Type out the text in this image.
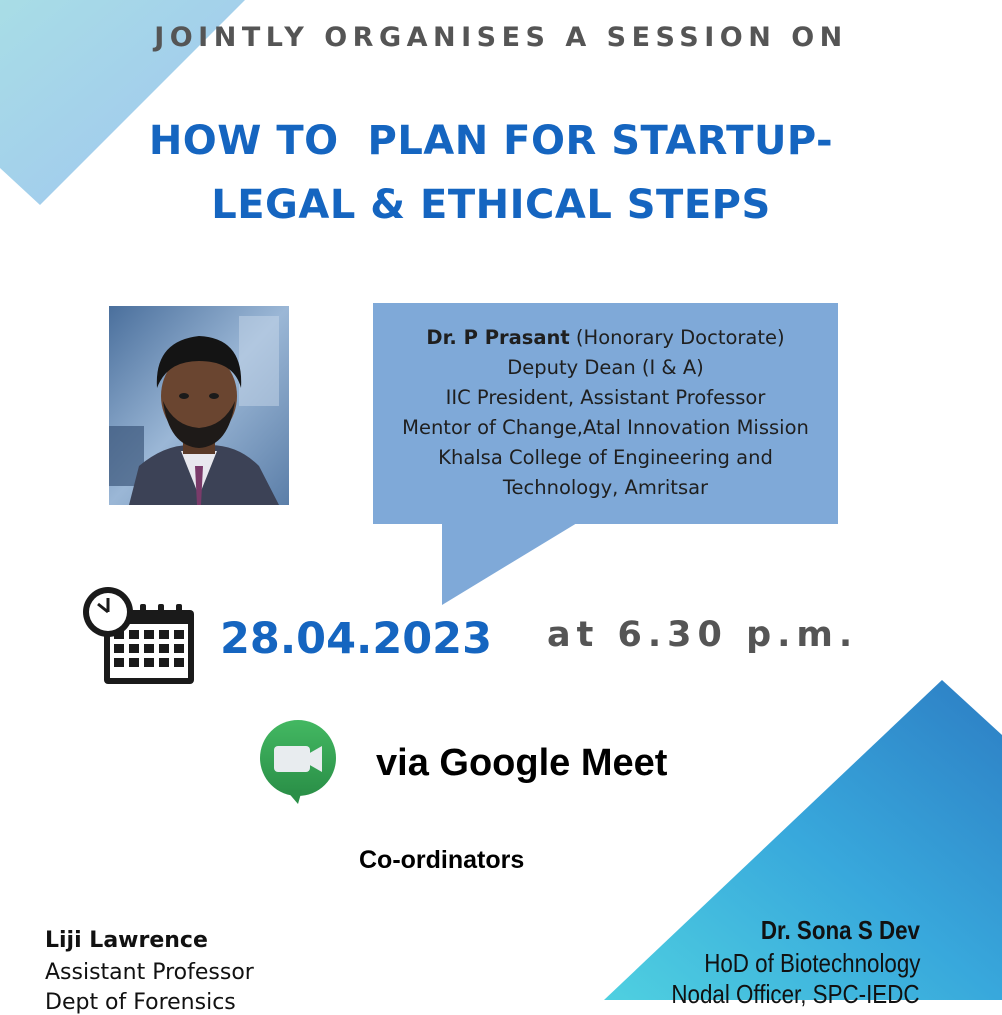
JOINTLY ORGANISES A SESSION ON
HOW TO  PLAN FOR STARTUP-
LEGAL & ETHICAL STEPS
Dr. P Prasant (Honorary Doctorate)
Deputy Dean (I & A)
IIC President, Assistant Professor
Mentor of Change,Atal Innovation Mission
Khalsa College of Engineering and
Technology, Amritsar
28.04.2023 at 6.30 p.m.
via Google Meet
Co-ordinators
Liji Lawrence
Assistant Professor
Dept of Forensics
Dr. Sona S Dev
HoD of Biotechnology
Nodal Officer, SPC-IEDC
